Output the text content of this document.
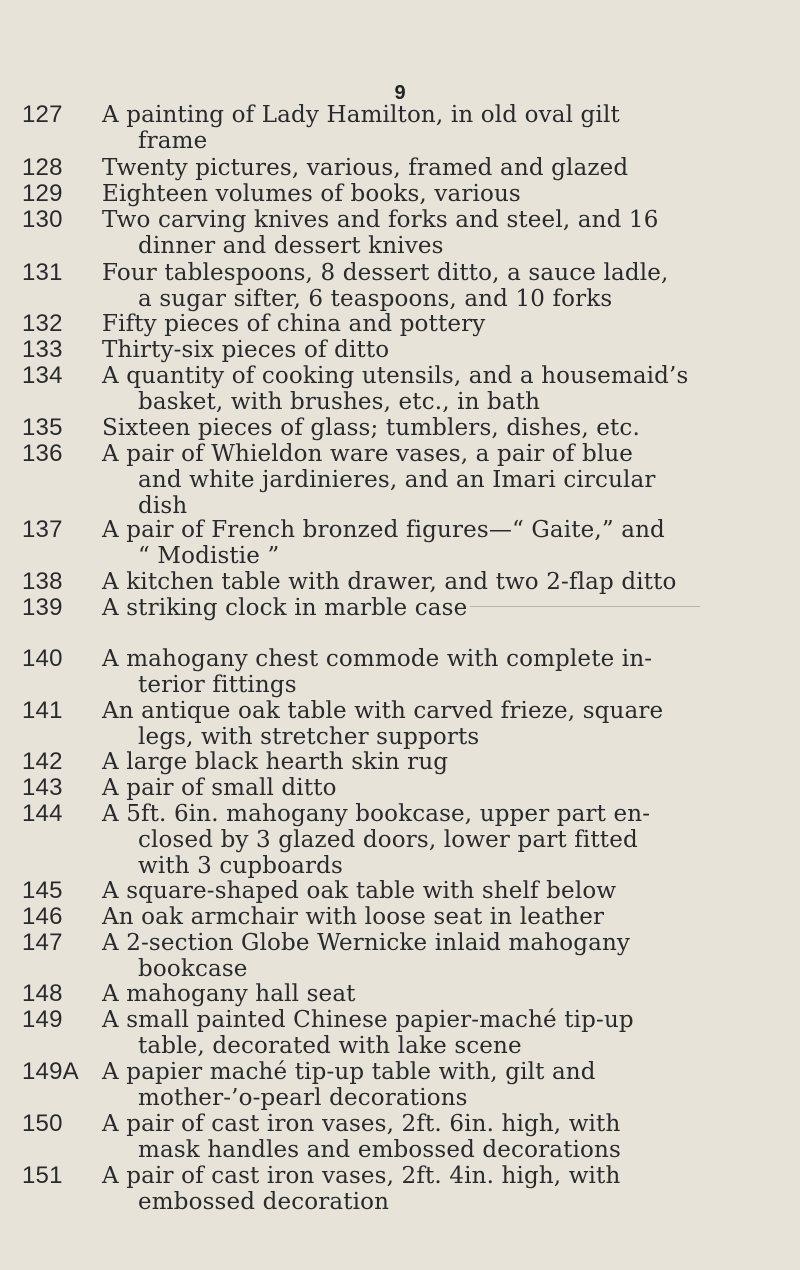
9
127 A painting of Lady Hamilton, in old oval gilt
frame
128 Twenty pictures, various, framed and glazed
129 Eighteen volumes of books, various
130 Two carving knives and forks and steel, and 16
dinner and dessert knives
131 Four tablespoons, 8 dessert ditto, a sauce ladle,
a sugar sifter, 6 teaspoons, and 10 forks
132 Fifty pieces of china and pottery
133 Thirty-six pieces of ditto
134 A quantity of cooking utensils, and a housemaid’s
basket, with brushes, etc., in bath
135 Sixteen pieces of glass; tumblers, dishes, etc.
136 A pair of Whieldon ware vases, a pair of blue
and white jardinieres, and an Imari circular
dish
137 A pair of French bronzed figures—“ Gaite,” and
“ Modistie ”
138 A kitchen table with drawer, and two 2-flap ditto
139 A striking clock in marble case
140 A mahogany chest commode with complete in-
terior fittings
141 An antique oak table with carved frieze, square
legs, with stretcher supports
142 A large black hearth skin rug
143 A pair of small ditto
144 A 5ft. 6in. mahogany bookcase, upper part en-
closed by 3 glazed doors, lower part fitted
with 3 cupboards
145 A square-shaped oak table with shelf below
146 An oak armchair with loose seat in leather
147 A 2-section Globe Wernicke inlaid mahogany
bookcase
148 A mahogany hall seat
149 A small painted Chinese papier-maché tip-up
table, decorated with lake scene
149A A papier maché tip-up table with, gilt and
mother-’o-pearl decorations
150 A pair of cast iron vases, 2ft. 6in. high, with
mask handles and embossed decorations
151 A pair of cast iron vases, 2ft. 4in. high, with
embossed decoration
